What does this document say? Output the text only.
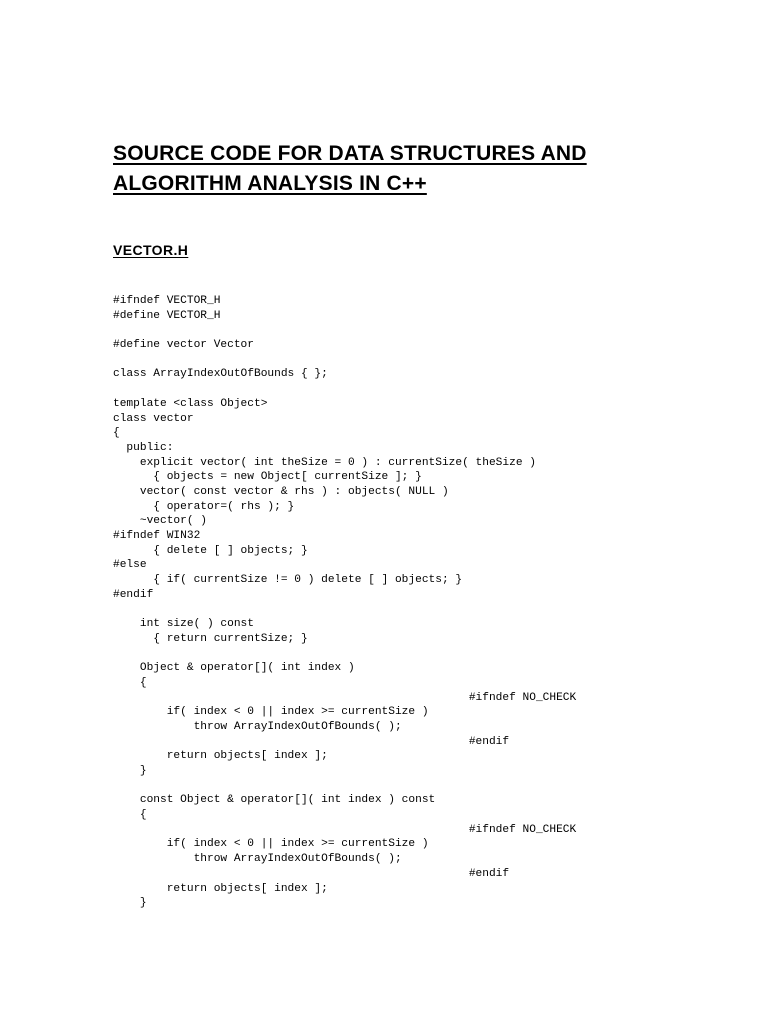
SOURCE CODE FOR DATA STRUCTURES AND
ALGORITHM ANALYSIS IN C++
VECTOR.H
#ifndef VECTOR_H
#define VECTOR_H
#define vector Vector
class ArrayIndexOutOfBounds { };
template <class Object>
class vector
{
public:
explicit vector( int theSize = 0 ) : currentSize( theSize )
{ objects = new Object[ currentSize ]; }
vector( const vector & rhs ) : objects( NULL )
{ operator=( rhs ); }
~vector( )
#ifndef WIN32
{ delete [ ] objects; }
#else
{ if( currentSize != 0 ) delete [ ] objects; }
#endif
int size( ) const
{ return currentSize; }
Object & operator[]( int index )
{
#ifndef NO_CHECK
if( index < 0 || index >= currentSize )
throw ArrayIndexOutOfBounds( );
#endif
return objects[ index ];
}
const Object & operator[]( int index ) const
{
#ifndef NO_CHECK
if( index < 0 || index >= currentSize )
throw ArrayIndexOutOfBounds( );
#endif
return objects[ index ];
}
